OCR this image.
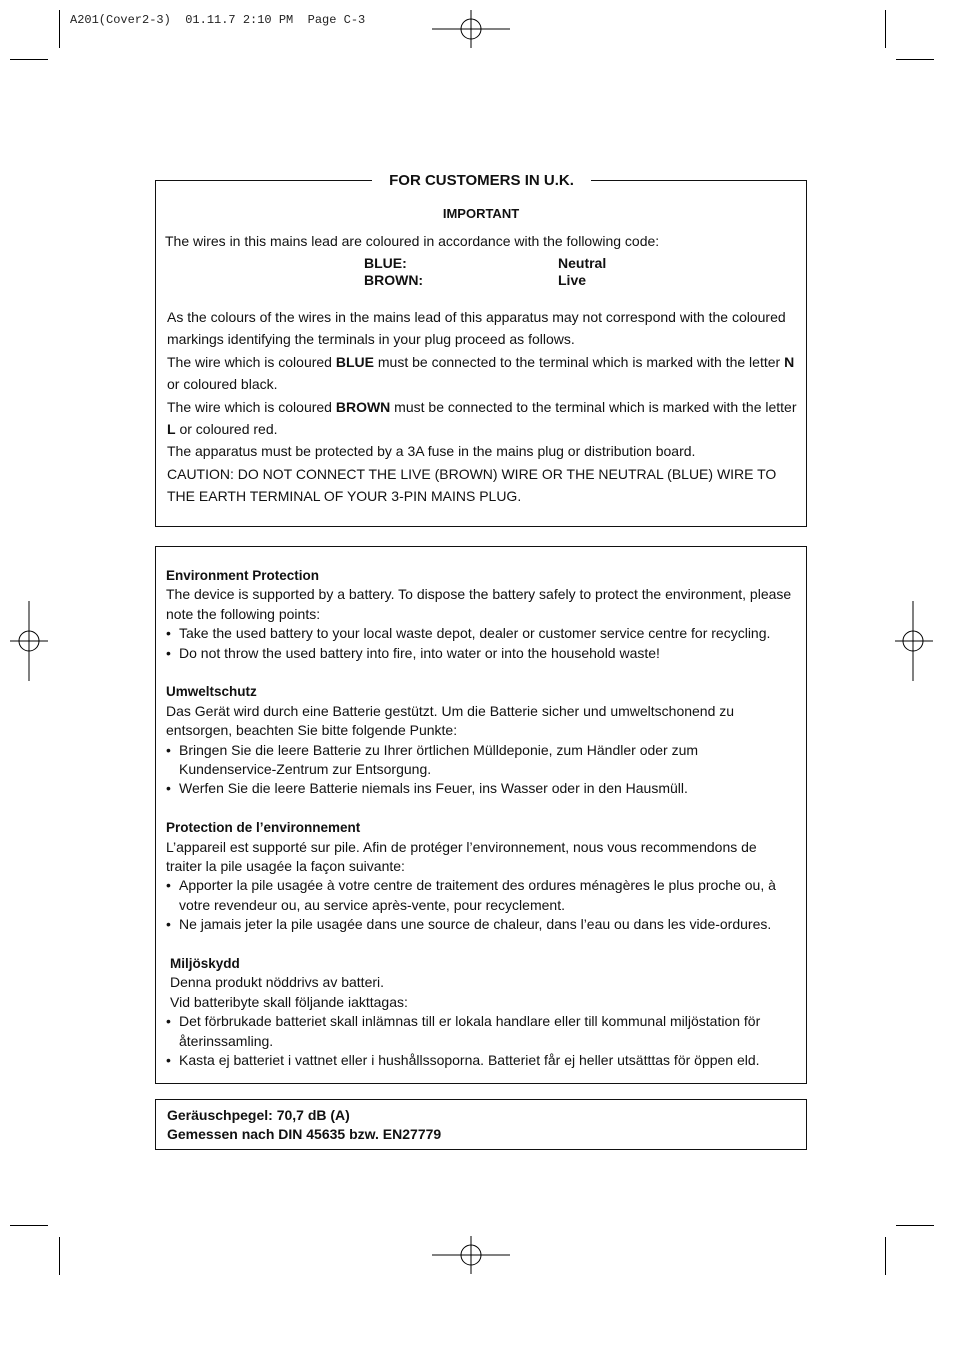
A201(Cover2-3)  01.11.7 2:10 PM  Page C-3
IMPORTANT
The wires in this mains lead are coloured in accordance with the following code:
BLUE:	Neutral
BROWN:	Live

As the colours of the wires in the mains lead of this apparatus may not correspond with the coloured markings identifying the terminals in your plug proceed as follows.

The wire which is coloured BLUE must be connected to the terminal which is marked with the letter N or coloured black.

The wire which is coloured BROWN must be connected to the terminal which is marked with the letter L or coloured red.

The apparatus must be protected by a 3A fuse in the mains plug or distribution board.

CAUTION: DO NOT CONNECT THE LIVE (BROWN) WIRE OR THE NEUTRAL (BLUE) WIRE TO THE EARTH TERMINAL OF YOUR 3-PIN MAINS PLUG.

FOR CUSTOMERS IN U.K.
Environment Protection

The device is supported by a battery. To dispose the battery safely to protect the environment, please note the following points:

• Take the used battery to your local waste depot, dealer or customer service centre for recycling.
• Do not throw the used battery into fire, into water or into the household waste!
Umweltschutz

Das Gerät wird durch eine Batterie gestützt. Um die Batterie sicher und umweltschonend zu entsorgen, beachten Sie bitte folgende Punkte:

• Bringen Sie die leere Batterie zu Ihrer örtlichen Mülldeponie, zum Händler oder zum Kundenservice-Zentrum zur Entsorgung.
• Werfen Sie die leere Batterie niemals ins Feuer, ins Wasser oder in den Hausmüll.
Protection de l’environnement

L’appareil est supporté sur pile. Afin de protéger l’environnement, nous vous recommendons de traiter la pile usagée la façon suivante:

• Apporter la pile usagée à votre centre de traitement des ordures ménagères le plus proche ou, à votre revendeur ou, au service après-vente, pour recyclement.
• Ne jamais jeter la pile usagée dans une source de chaleur, dans l’eau ou dans les vide-ordures.
Miljöskydd

Denna produkt nöddrivs av batteri.

Vid batteribyte skall följande iakttagas:

• Det förbrukade batteriet skall inlämnas till er lokala handlare eller till kommunal miljöstation för återinssamling.
• Kasta ej batteriet i vattnet eller i hushållssoporna. Batteriet får ej heller utsätttas för öppen eld.
Geräuschpegel: 70,7 dB (A)
Gemessen nach DIN 45635 bzw. EN27779
